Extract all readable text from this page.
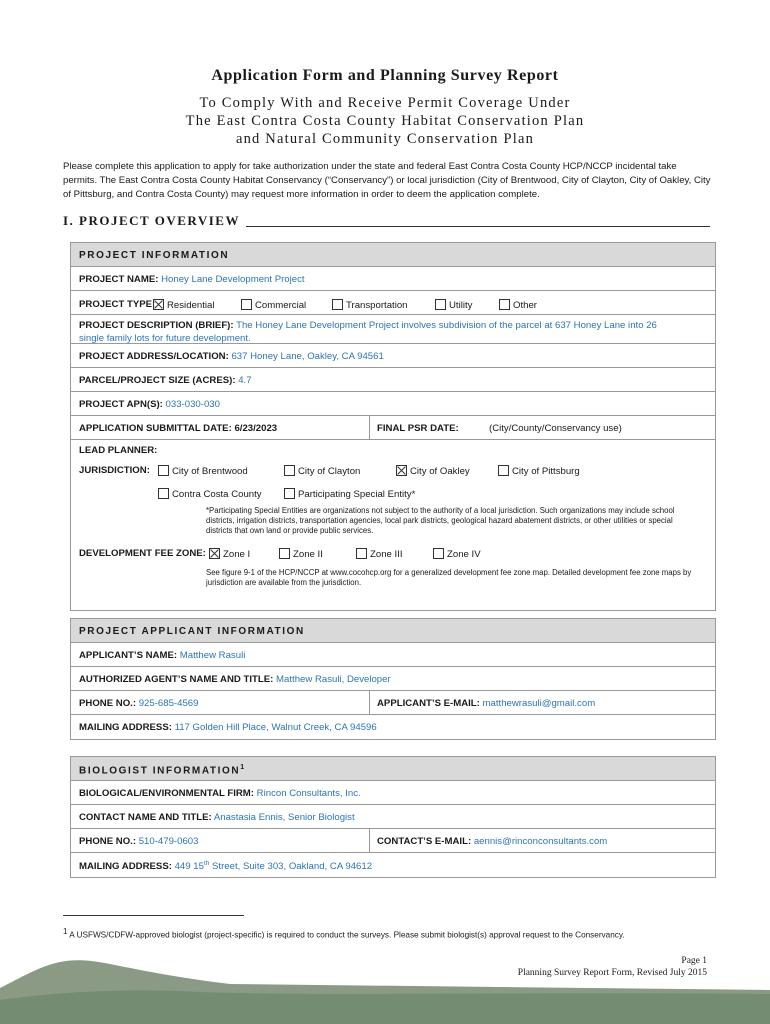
Application Form and Planning Survey Report
To Comply With and Receive Permit Coverage Under
The East Contra Costa County Habitat Conservation Plan
and Natural Community Conservation Plan
Please complete this application to apply for take authorization under the state and federal East Contra Costa County HCP/NCCP incidental take permits. The East Contra Costa County Habitat Conservancy (“Conservancy”) or local jurisdiction (City of Brentwood, City of Clayton, City of Oakley, City of Pittsburg, and Contra Costa County) may request more information in order to deem the application complete.
I. PROJECT OVERVIEW
PROJECT INFORMATION
PROJECT NAME: Honey Lane Development Project
PROJECT TYPE:	Residential	Commercial	Transportation	Utility	Other
PROJECT DESCRIPTION (BRIEF): The Honey Lane Development Project involves subdivision of the parcel at 637 Honey Lane into 26
single family lots for future development.
PROJECT ADDRESS/LOCATION: 637 Honey Lane, Oakley, CA 94561
PARCEL/PROJECT SIZE (ACRES): 4.7
PROJECT APN(S): 033-030-030
APPLICATION SUBMITTAL DATE: 6/23/2023	FINAL PSR DATE:	(City/County/Conservancy use)
LEAD PLANNER:
JURISDICTION:	City of Brentwood	City of Clayton	City of Oakley	City of Pittsburg
Contra Costa County	Participating Special Entity*
*Participating Special Entities are organizations not subject to the authority of a local jurisdiction. Such organizations may include school districts, irrigation districts, transportation agencies, local park districts, geological hazard abatement districts, or other utilities or special districts that own land or provide public services.
DEVELOPMENT FEE ZONE:	Zone I	Zone II	Zone III	Zone IV
See figure 9-1 of the HCP/NCCP at www.cocohcp.org for a generalized development fee zone map. Detailed development fee zone maps by jurisdiction are available from the jurisdiction.
PROJECT APPLICANT INFORMATION
APPLICANT’S NAME: Matthew Rasuli
AUTHORIZED AGENT’S NAME AND TITLE: Matthew Rasuli, Developer
PHONE NO.: 925-685-4569	APPLICANT’S E-MAIL: matthewrasuli@gmail.com
MAILING ADDRESS: 117 Golden Hill Place, Walnut Creek, CA 94596
BIOLOGIST INFORMATION$^1$
BIOLOGICAL/ENVIRONMENTAL FIRM: Rincon Consultants, Inc.
CONTACT NAME AND TITLE: Anastasia Ennis, Senior Biologist
PHONE NO.: 510-479-0603	CONTACT’S E-MAIL: aennis@rinconconsultants.com
MAILING ADDRESS: 449 15th Street, Suite 303, Oakland, CA 94612
$^1$ A USFWS/CDFW-approved biologist (project-specific) is required to conduct the surveys. Please submit biologist(s) approval request to the Conservancy.
Page 1
Planning Survey Report Form, Revised July 2015
